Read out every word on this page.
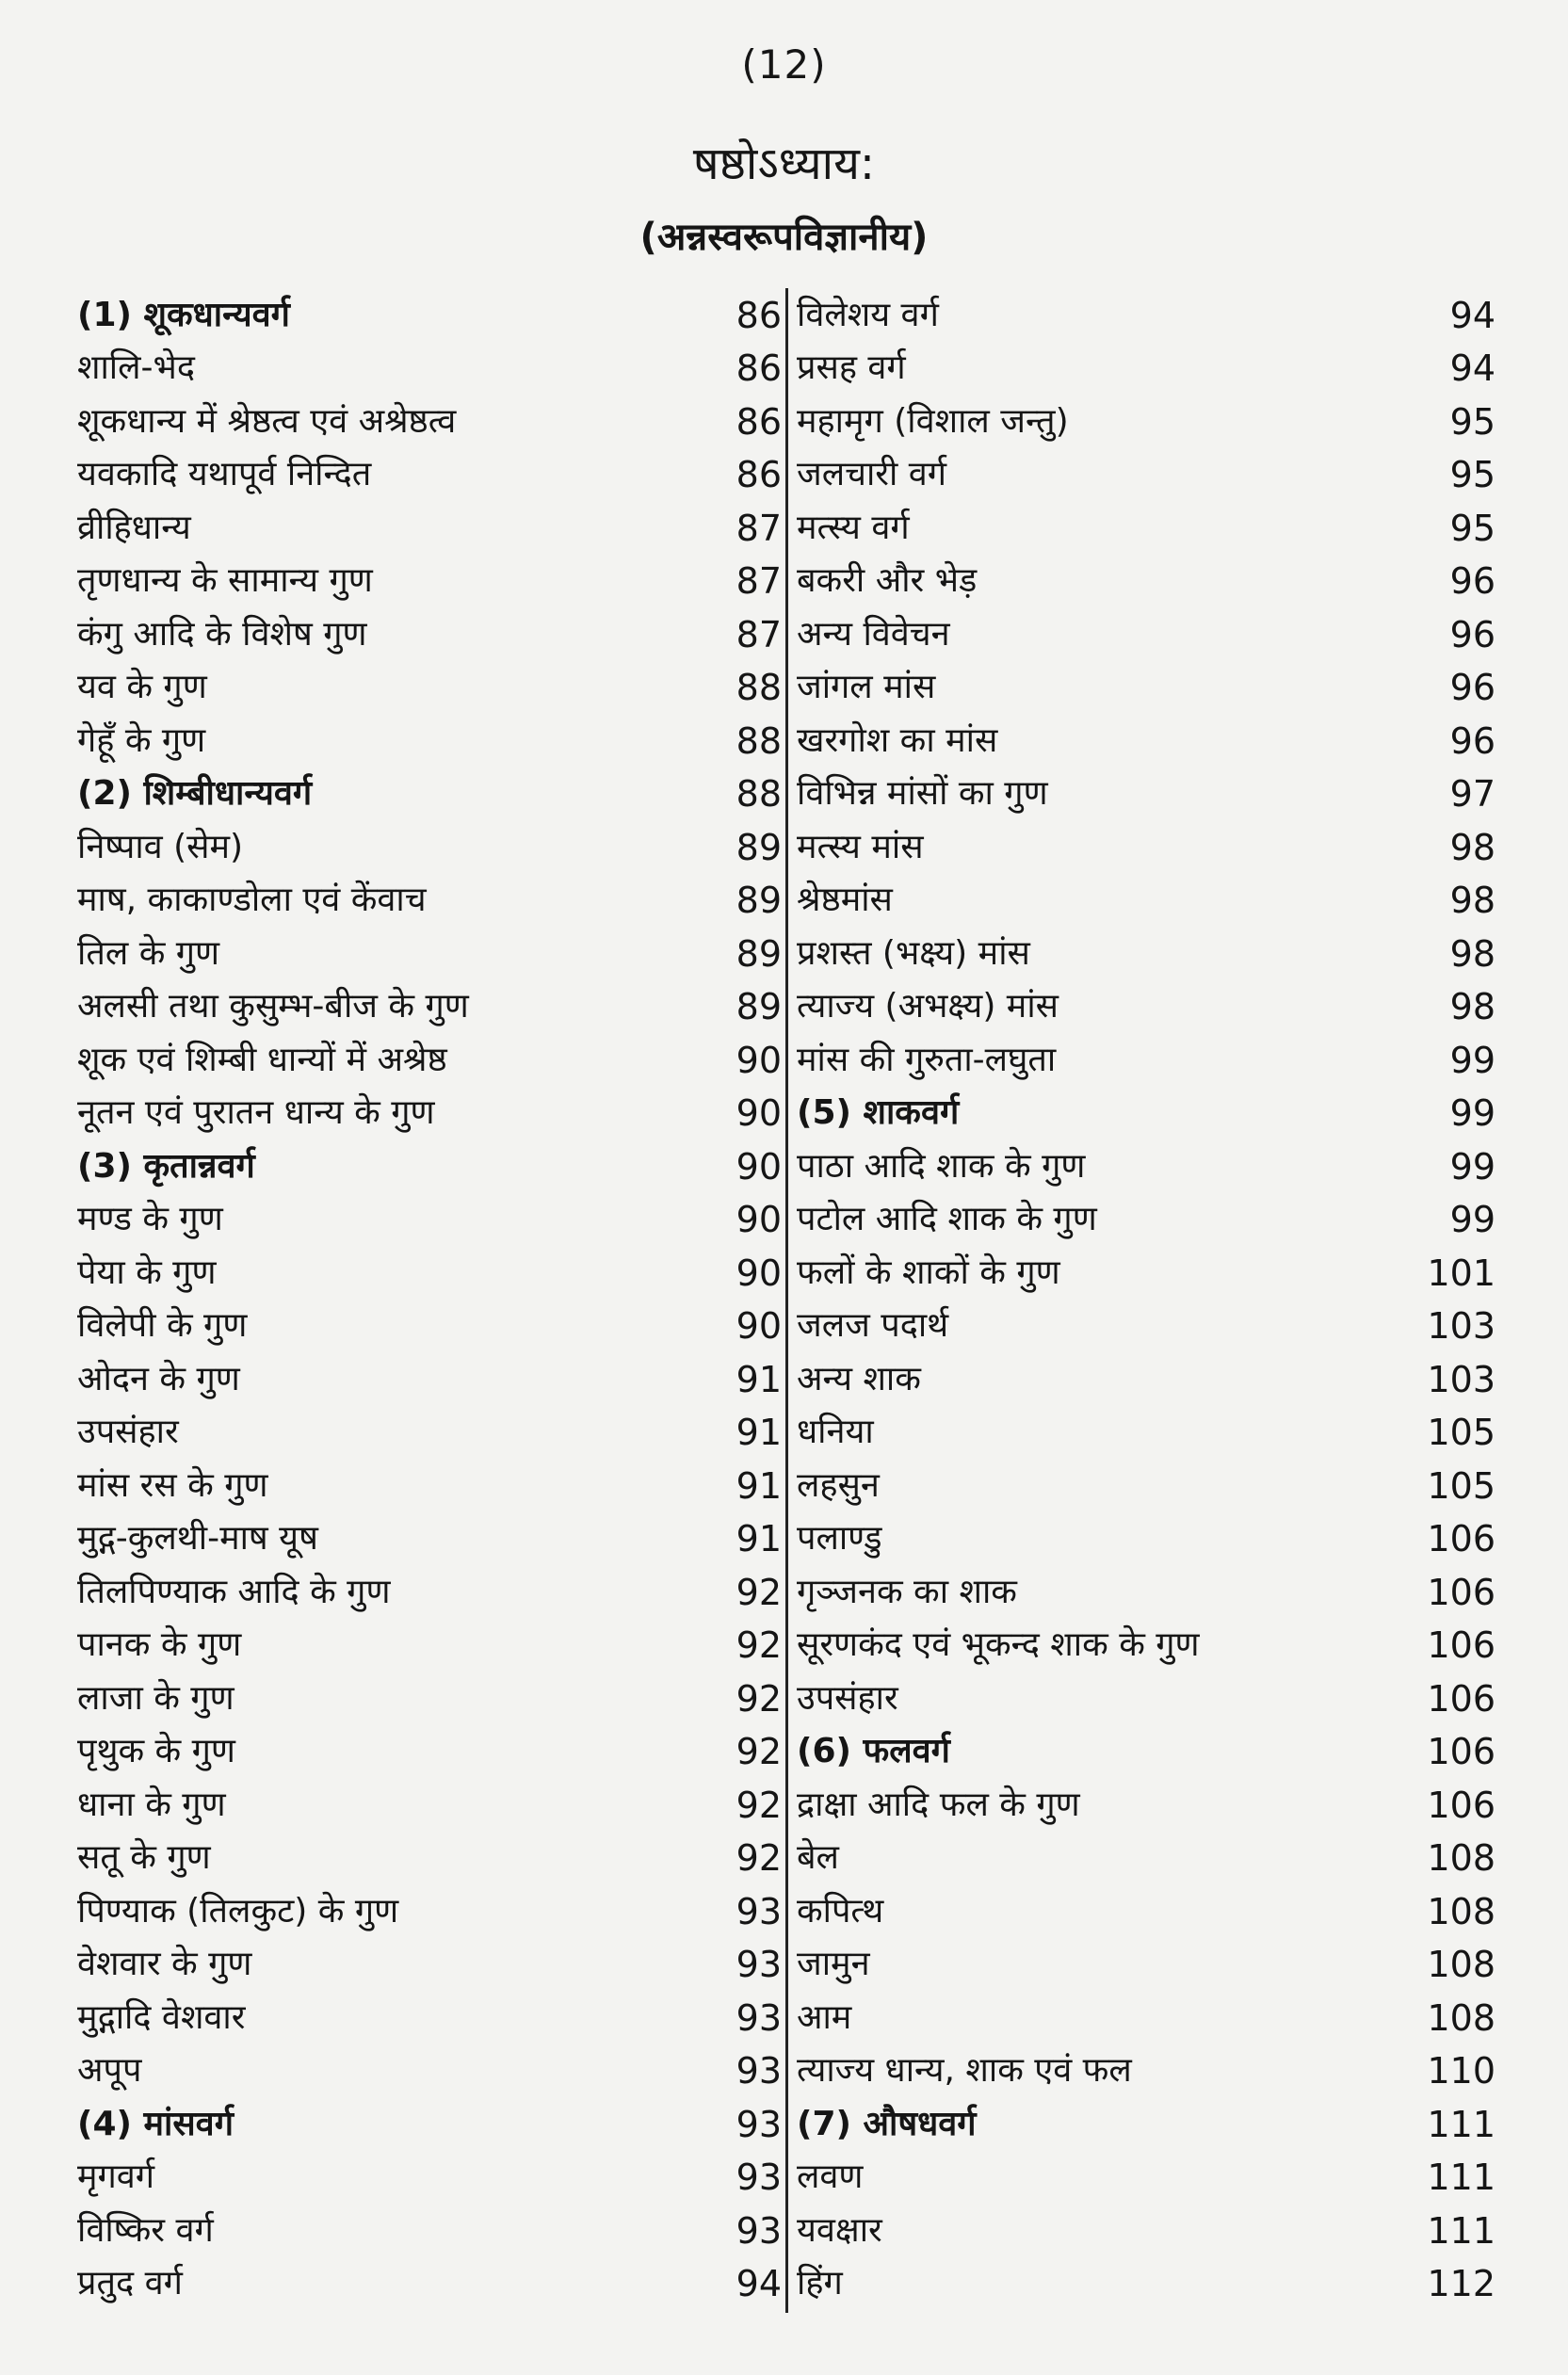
(12)
षष्ठोऽध्याय:
(अन्नस्वरूपविज्ञानीय)
(1) शूकधान्यवर्ग	86
शालि-भेद	86
शूकधान्य में श्रेष्ठत्व एवं अश्रेष्ठत्व	86
यवकादि यथापूर्व निन्दित	86
व्रीहिधान्य	87
तृणधान्य के सामान्य गुण	87
कंगु आदि के विशेष गुण	87
यव के गुण	88
गेहूँ के गुण	88
(2) शिम्बीधान्यवर्ग	88
निष्पाव (सेम)	89
माष, काकाण्डोला एवं केंवाच	89
तिल के गुण	89
अलसी तथा कुसुम्भ-बीज के गुण	89
शूक एवं शिम्बी धान्यों में अश्रेष्ठ	90
नूतन एवं पुरातन धान्य के गुण	90
(3) कृतान्नवर्ग	90
मण्ड के गुण	90
पेया के गुण	90
विलेपी के गुण	90
ओदन के गुण	91
उपसंहार	91
मांस रस के गुण	91
मुद्ग-कुलथी-माष यूष	91
तिलपिण्याक आदि के गुण	92
पानक के गुण	92
लाजा के गुण	92
पृथुक के गुण	92
धाना के गुण	92
सतू के गुण	92
पिण्याक (तिलकुट) के गुण	93
वेशवार के गुण	93
मुद्गादि वेशवार	93
अपूप	93
(4) मांसवर्ग	93
मृगवर्ग	93
विष्किर वर्ग	93
प्रतुद वर्ग	94
विलेशय वर्ग	94
प्रसह वर्ग	94
महामृग (विशाल जन्तु)	95
जलचारी वर्ग	95
मत्स्य वर्ग	95
बकरी और भेड़	96
अन्य विवेचन	96
जांगल मांस	96
खरगोश का मांस	96
विभिन्न मांसों का गुण	97
मत्स्य मांस	98
श्रेष्ठमांस	98
प्रशस्त (भक्ष्य) मांस	98
त्याज्य (अभक्ष्य) मांस	98
मांस की गुरुता-लघुता	99
(5) शाकवर्ग	99
पाठा आदि शाक के गुण	99
पटोल आदि शाक के गुण	99
फलों के शाकों के गुण	101
जलज पदार्थ	103
अन्य शाक	103
धनिया	105
लहसुन	105
पलाण्डु	106
गृञ्जनक का शाक	106
सूरणकंद एवं भूकन्द शाक के गुण	106
उपसंहार	106
(6) फलवर्ग	106
द्राक्षा आदि फल के गुण	106
बेल	108
कपित्थ	108
जामुन	108
आम	108
त्याज्य धान्य, शाक एवं फल	110
(7) औषधवर्ग	111
लवण	111
यवक्षार	111
हिंग	112
